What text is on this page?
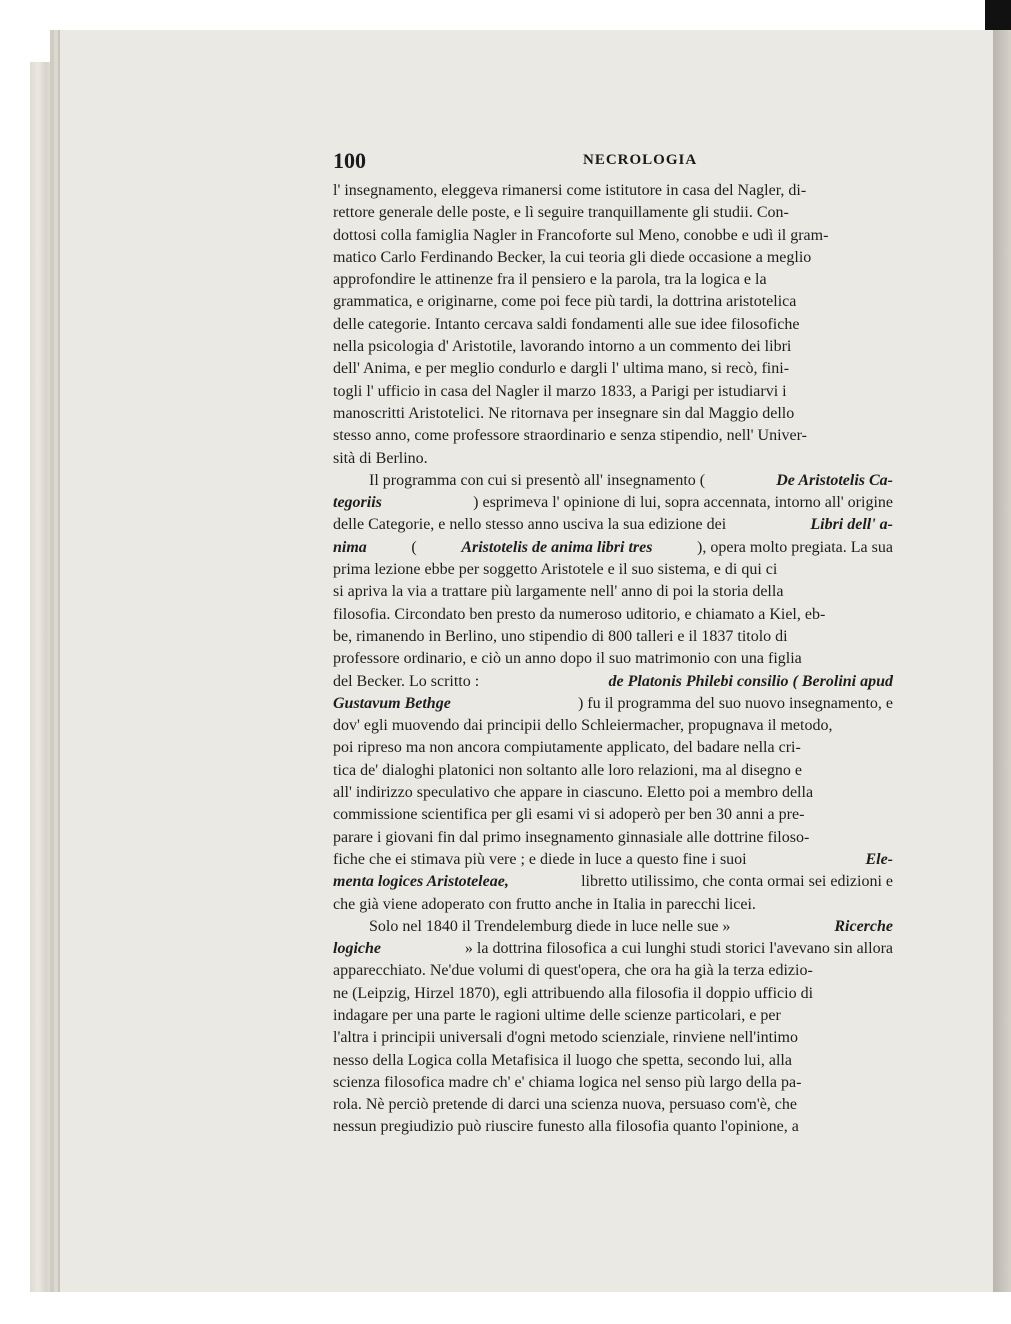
100	NECROLOGIA
l' insegnamento, eleggeva rimanersi come istitutore in casa del Nagler, di-
rettore generale delle poste, e lì seguire tranquillamente gli studii. Con-
dottosi colla famiglia Nagler in Francoforte sul Meno, conobbe e udì il gram-
matico Carlo Ferdinando Becker, la cui teoria gli diede occasione a meglio
approfondire le attinenze fra il pensiero e la parola, tra la logica e la
grammatica, e originarne, come poi fece più tardi, la dottrina aristotelica
delle categorie. Intanto cercava saldi fondamenti alle sue idee filosofiche
nella psicologia d' Aristotile, lavorando intorno a un commento dei libri
dell' Anima, e per meglio condurlo e dargli l' ultima mano, si recò, fini-
togli l' ufficio in casa del Nagler il marzo 1833, a Parigi per istudiarvi i
manoscritti Aristotelici. Ne ritornava per insegnare sin dal Maggio dello
stesso anno, come professore straordinario e senza stipendio, nell' Univer-
sità di Berlino.
Il programma con cui si presentò all' insegnamento (	De Aristotelis Ca-
tegoriis	) esprimeva l' opinione di lui, sopra accennata, intorno all' origine
delle Categorie, e nello stesso anno usciva la sua edizione dei	Libri dell' a-
nima	(	Aristotelis de anima libri tres	), opera molto pregiata. La sua
prima lezione ebbe per soggetto Aristotele e il suo sistema, e di qui ci
si apriva la via a trattare più largamente nell' anno di poi la storia della
filosofia. Circondato ben presto da numeroso uditorio, e chiamato a Kiel, eb-
be, rimanendo in Berlino, uno stipendio di 800 talleri e il 1837 titolo di
professore ordinario, e ciò un anno dopo il suo matrimonio con una figlia
del Becker. Lo scritto :	de Platonis Philebi consilio ( Berolini apud
Gustavum Bethge	) fu il programma del suo nuovo insegnamento, e
dov' egli muovendo dai principii dello Schleiermacher, propugnava il metodo,
poi ripreso ma non ancora compiutamente applicato, del badare nella cri-
tica de' dialoghi platonici non soltanto alle loro relazioni, ma al disegno e
all' indirizzo speculativo che appare in ciascuno. Eletto poi a membro della
commissione scientifica per gli esami vi si adoperò per ben 30 anni a pre-
parare i giovani fin dal primo insegnamento ginnasiale alle dottrine filoso-
fiche che ei stimava più vere ; e diede in luce a questo fine i suoi	Ele-
menta logices Aristoteleae,	libretto utilissimo, che conta ormai sei edizioni e
che già viene adoperato con frutto anche in Italia in parecchi licei.
Solo nel 1840 il Trendelemburg diede in luce nelle sue »	Ricerche
logiche	» la dottrina filosofica a cui lunghi studi storici l'avevano sin allora
apparecchiato. Ne'due volumi di quest'opera, che ora ha già la terza edizio-
ne (Leipzig, Hirzel 1870), egli attribuendo alla filosofia il doppio ufficio di
indagare per una parte le ragioni ultime delle scienze particolari, e per
l'altra i principii universali d'ogni metodo scienziale, rinviene nell'intimo
nesso della Logica colla Metafisica il luogo che spetta, secondo lui, alla
scienza filosofica madre ch' e' chiama logica nel senso più largo della pa-
rola. Nè perciò pretende di darci una scienza nuova, persuaso com'è, che
nessun pregiudizio può riuscire funesto alla filosofia quanto l'opinione, a
